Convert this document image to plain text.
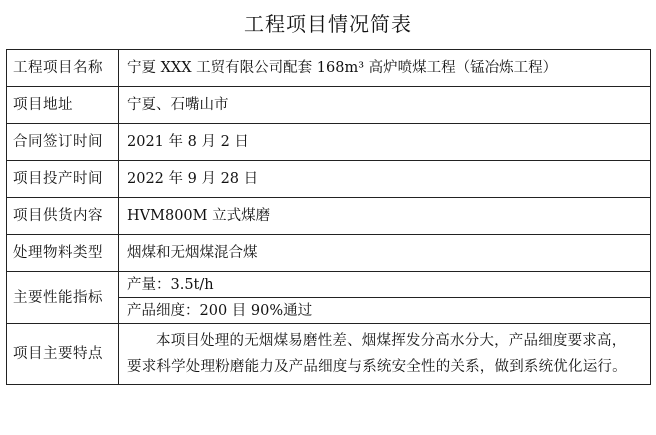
工程项目情况简表
工程项目名称	宁夏 XXX 工贸有限公司配套 168m³ 高炉喷煤工程（锰冶炼工程）
项目地址	宁夏、石嘴山市
合同签订时间	2021 年 8 月 2 日
项目投产时间	2022 年 9 月 28 日
项目供货内容	HVM800M 立式煤磨
处理物料类型	烟煤和无烟煤混合煤
主要性能指标	产量：3.5t/h
	产品细度：200 目 90%通过
项目主要特点	本项目处理的无烟煤易磨性差、烟煤挥发分高水分大，产品细度要求高，要求科学处理粉磨能力及产品细度与系统安全性的关系，做到系统优化运行。
